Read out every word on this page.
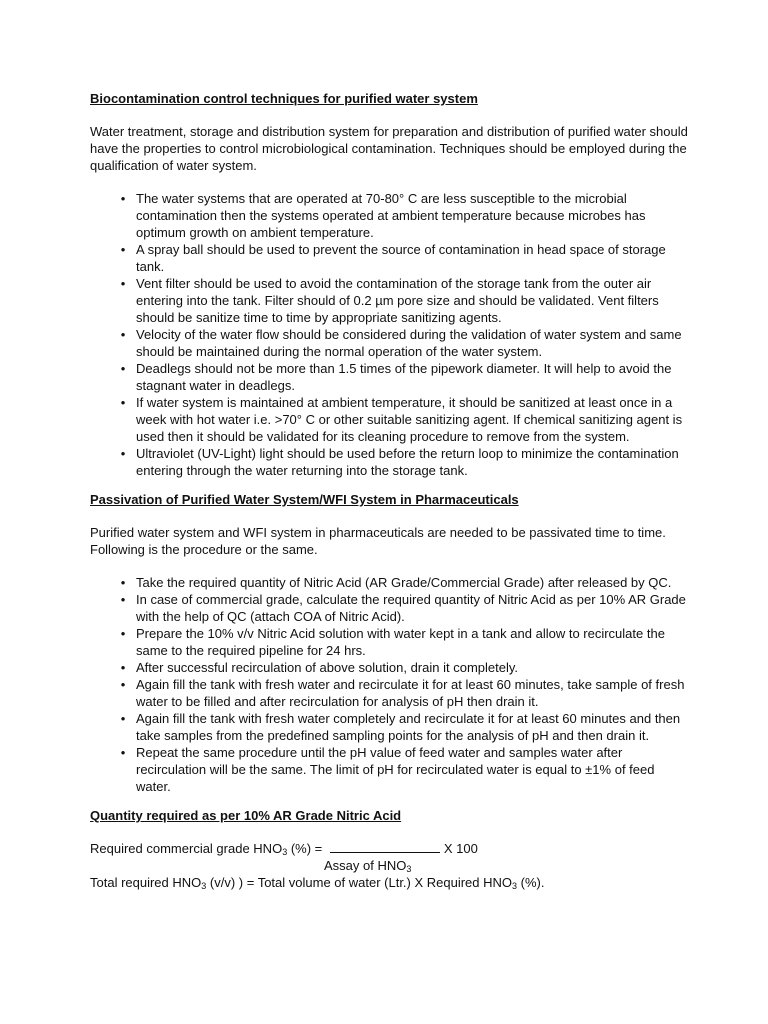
Biocontamination control techniques for purified water system

Water treatment, storage and distribution system for preparation and distribution of purified water should have the properties to control microbiological contamination. Techniques should be employed during the qualification of water system.

• The water systems that are operated at 70-80° C are less susceptible to the microbial contamination then the systems operated at ambient temperature because microbes has optimum growth on ambient temperature.
• A spray ball should be used to prevent the source of contamination in head space of storage tank.
• Vent filter should be used to avoid the contamination of the storage tank from the outer air entering into the tank. Filter should of 0.2 µm pore size and should be validated. Vent filters should be sanitize time to time by appropriate sanitizing agents.
• Velocity of the water flow should be considered during the validation of water system and same should be maintained during the normal operation of the water system.
• Deadlegs should not be more than 1.5 times of the pipework diameter. It will help to avoid the stagnant water in deadlegs.
• If water system is maintained at ambient temperature, it should be sanitized at least once in a week with hot water i.e. >70° C or other suitable sanitizing agent. If chemical sanitizing agent is used then it should be validated for its cleaning procedure to remove from the system.
• Ultraviolet (UV-Light) light should be used before the return loop to minimize the contamination entering through the water returning into the storage tank.

Passivation of Purified Water System/WFI System in Pharmaceuticals

Purified water system and WFI system in pharmaceuticals are needed to be passivated time to time. Following is the procedure or the same.

• Take the required quantity of Nitric Acid (AR Grade/Commercial Grade) after released by QC.
• In case of commercial grade, calculate the required quantity of Nitric Acid as per 10% AR Grade with the help of QC (attach COA of Nitric Acid).
• Prepare the 10% v/v Nitric Acid solution with water kept in a tank and allow to recirculate the same to the required pipeline for 24 hrs.
• After successful recirculation of above solution, drain it completely.
• Again fill the tank with fresh water and recirculate it for at least 60 minutes, take sample of fresh water to be filled and after recirculation for analysis of pH then drain it.
• Again fill the tank with fresh water completely and recirculate it for at least 60 minutes and then take samples from the predefined sampling points for the analysis of pH and then drain it.
• Repeat the same procedure until the pH value of feed water and samples water after recirculation will be the same. The limit of pH for recirculated water is equal to ±1% of feed water.

Quantity required as per 10% AR Grade Nitric Acid

Required commercial grade $HNO_3$ (%) =	X 100
Assay of $HNO_3$
Total required $HNO_3$ (v/v) ) = Total volume of water (Ltr.) X Required $HNO_3$ (%).
